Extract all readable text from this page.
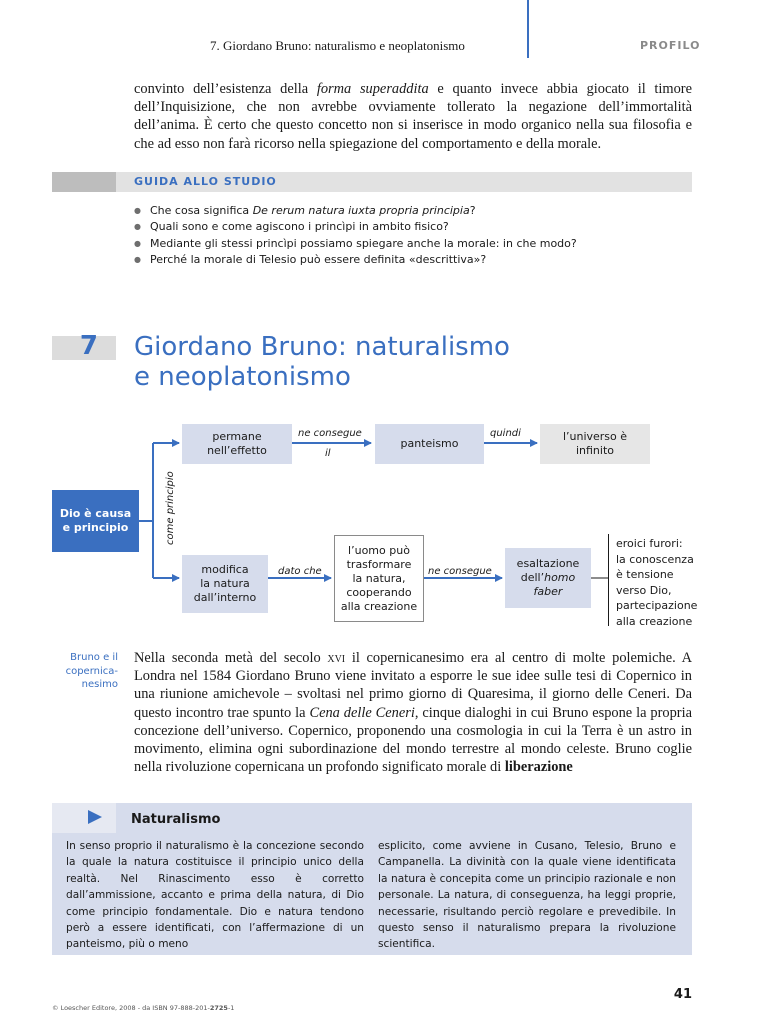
7. Giordano Bruno: naturalismo e neoplatonismo	PROFILO

convinto dell’esistenza della forma superaddita e quanto invece abbia giocato il timore dell’Inquisizione, che non avrebbe ovviamente tollerato la negazione dell’immortalità dell’anima. È certo che questo concetto non si inserisce in modo organico nella sua filosofia e che ad esso non farà ricorso nella spiegazione del comportamento e della morale.

GUIDA ALLO STUDIO
● Che cosa significa De rerum natura iuxta propria principia?
● Quali sono e come agiscono i princìpi in ambito fisico?
● Mediante gli stessi princìpi possiamo spiegare anche la morale: in che modo?
● Perché la morale di Telesio può essere definita «descrittiva»?
7 Giordano Bruno: naturalismo
e neoplatonismo
Dio è causa
e principio
permane
nell’effetto
ne consegue
il
panteismo
quindi	l’universo è
infinito
come principio
modifica
la natura
dall’interno
dato che
l’uomo può
trasformare
la natura,
cooperando
alla creazione
ne consegue
esaltazione
dell’homo
faber
eroici furori:
la conoscenza
è tensione
verso Dio,
partecipazione
alla creazione
Bruno e il
copernica-
nesimo

Nella seconda metà del secolo xvi il copernicanesimo era al centro di molte polemiche. A Londra nel 1584 Giordano Bruno viene invitato a esporre le sue idee sulle tesi di Copernico in una riunione amichevole – svoltasi nel primo giorno di Quaresima, il giorno delle Ceneri. Da questo incontro trae spunto la Cena delle Ceneri, cinque dialoghi in cui Bruno espone la propria concezione dell’universo. Copernico, proponendo una cosmologia in cui la Terra è un astro in movimento, elimina ogni subordinazione del mondo terrestre al mondo celeste. Bruno coglie nella rivoluzione copernicana un profondo significato morale di liberazione

Naturalismo

In senso proprio il naturalismo è la concezione secondo la quale la natura costituisce il principio unico della realtà. Nel Rinascimento esso è corretto dall’ammissione, accanto e prima della natura, di Dio come principio fondamentale. Dio e natura tendono però a essere identificati, con l’affermazione di un panteismo, più o meno

esplicito, come avviene in Cusano, Telesio, Bruno e Campanella. La divinità con la quale viene identificata la natura è concepita come un principio razionale e non personale. La natura, di conseguenza, ha leggi proprie, necessarie, risultando perciò regolare e prevedibile. In questo senso il naturalismo prepara la rivoluzione scientifica.

© Loescher Editore, 2008 - da ISBN 97-888-201-2725-1
41
